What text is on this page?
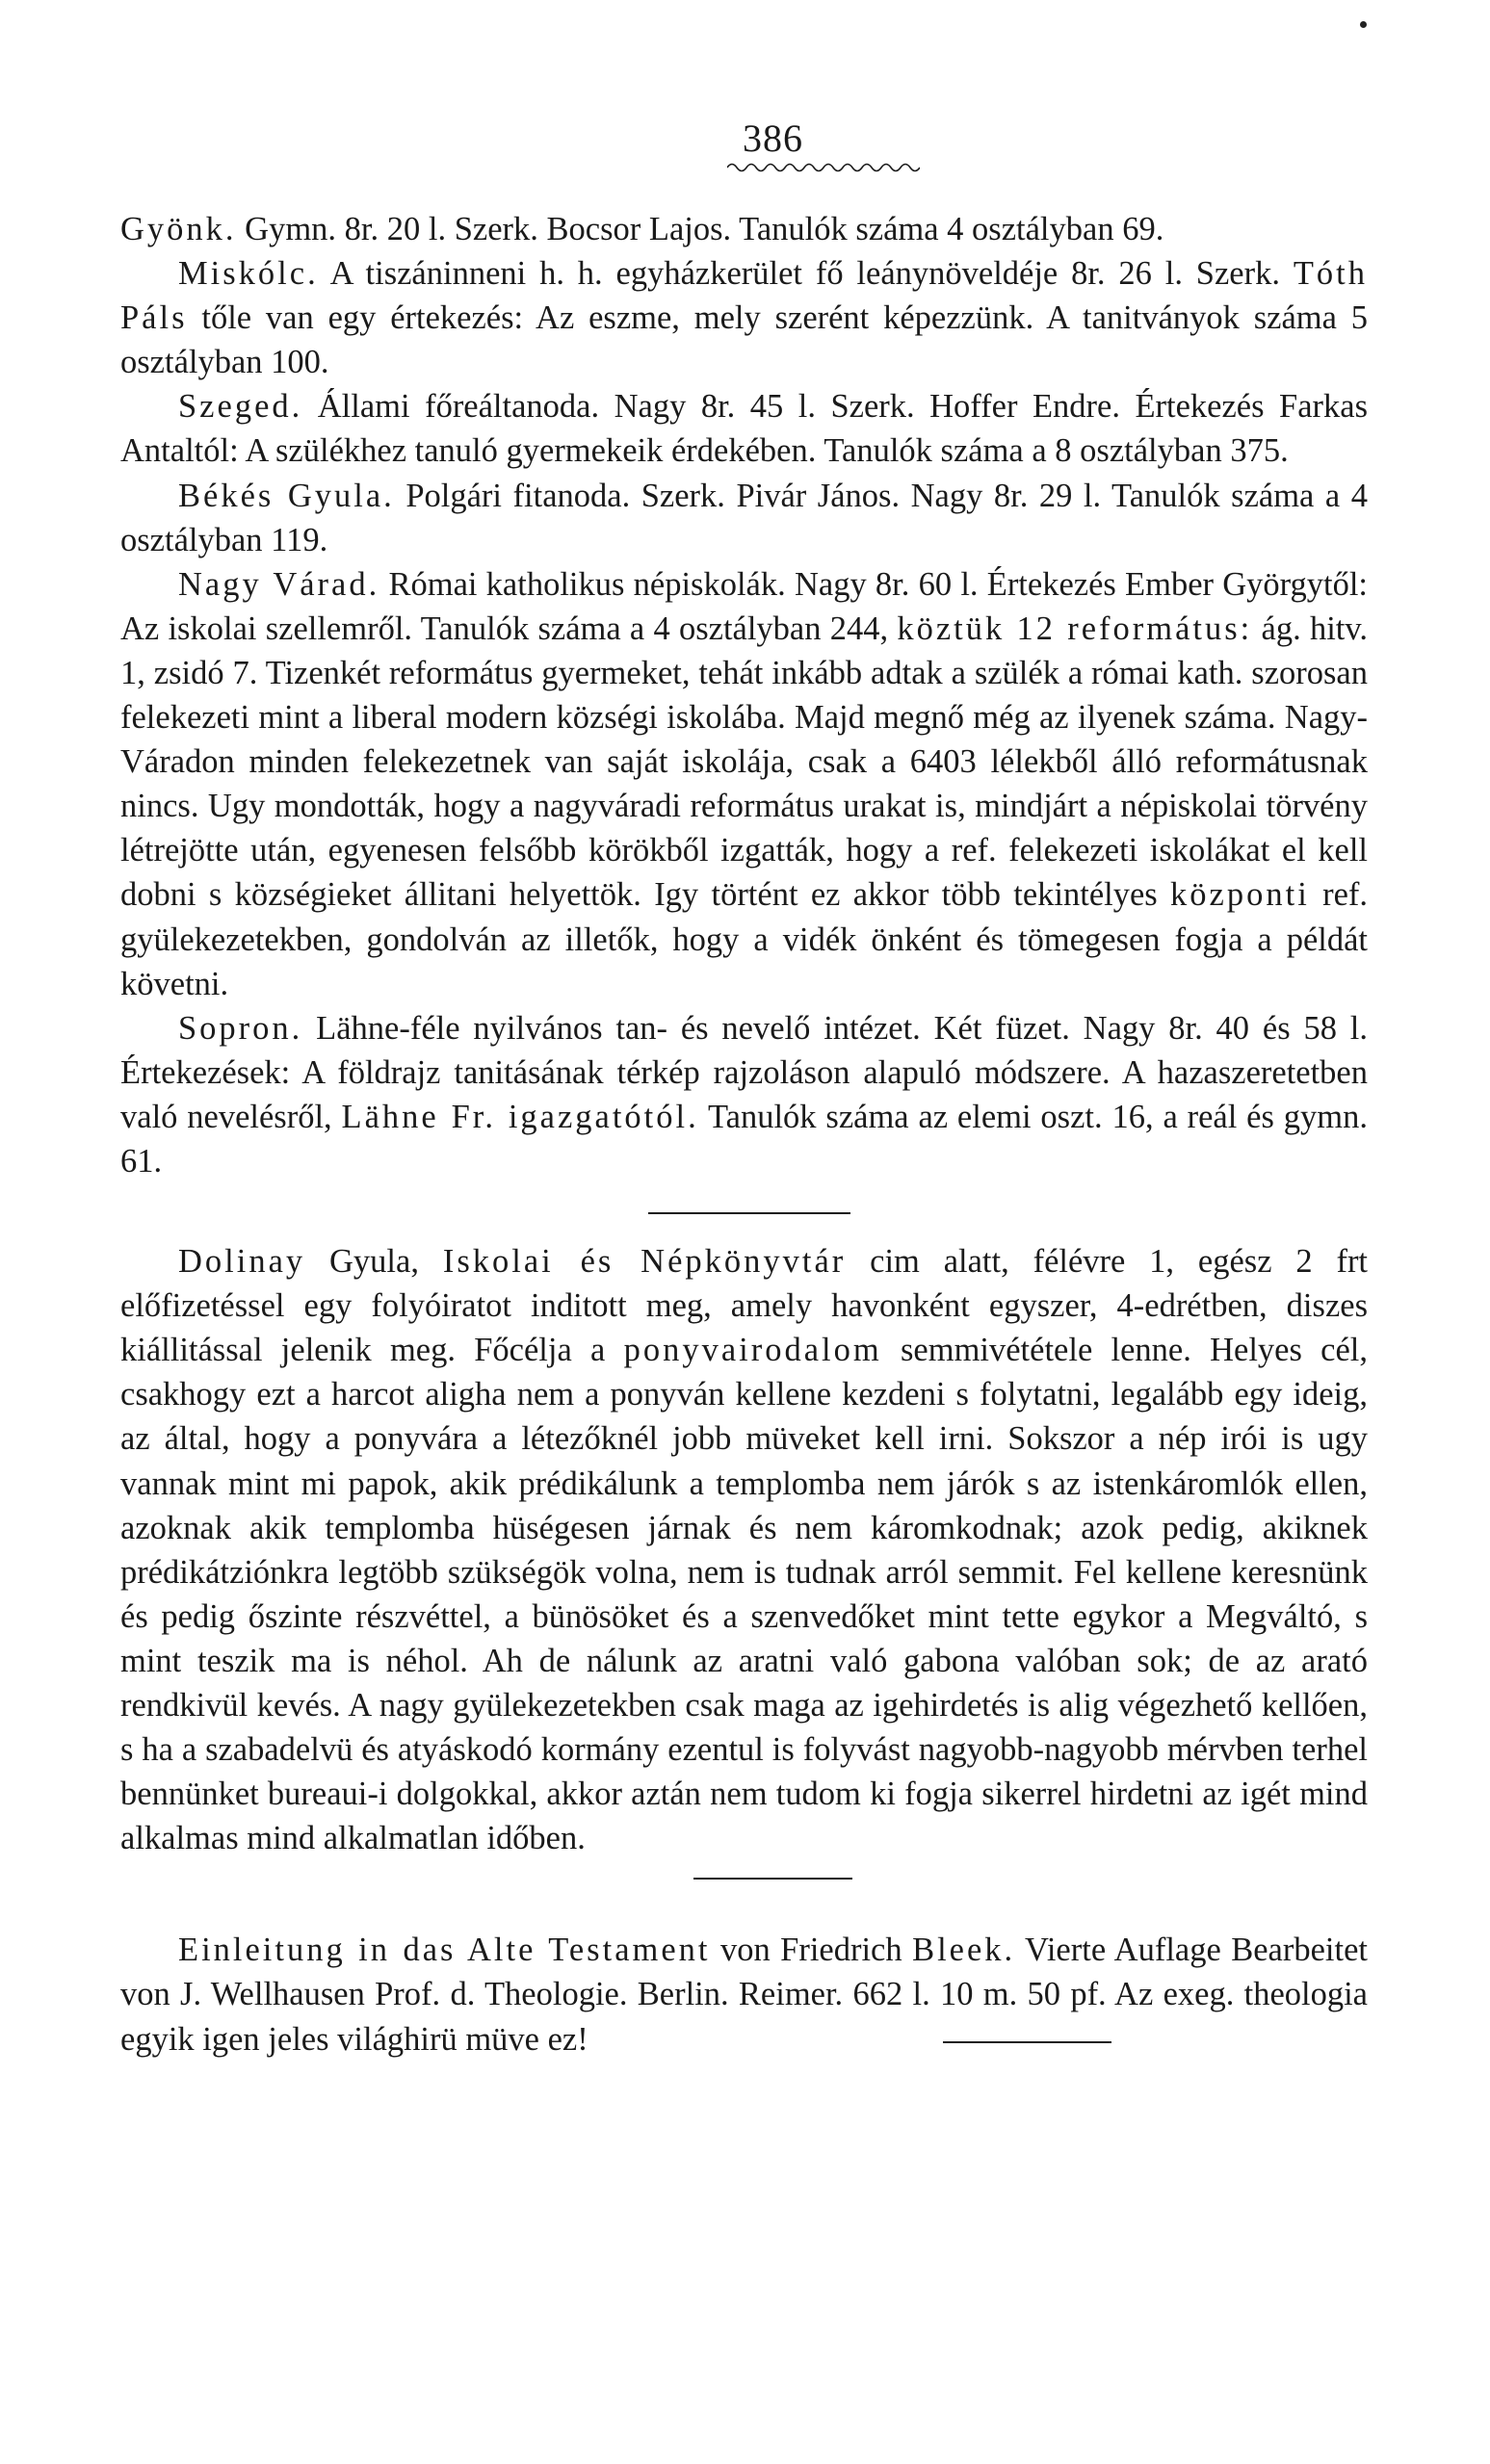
386

Gyönk. Gymn. 8r. 20 l. Szerk. Bocsor Lajos. Tanulók száma 4 osztályban 69.

Miskólc. A tiszáninneni h. h. egyházkerület fő leánynöveldéje 8r. 26 l. Szerk. Tóth Páls tőle van egy értekezés: Az eszme, mely szerént képezzünk. A tanitványok száma 5 osztályban 100.

Szeged. Állami főreáltanoda. Nagy 8r. 45 l. Szerk. Hoffer Endre. Értekezés Farkas Antaltól: A szülékhez tanuló gyermekeik érdekében. Tanulók száma a 8 osztályban 375.

Békés Gyula. Polgári fitanoda. Szerk. Pivár János. Nagy 8r. 29 l. Tanulók száma a 4 osztályban 119.

Nagy Várad. Római katholikus népiskolák. Nagy 8r. 60 l. Értekezés Ember Györgytől: Az iskolai szellemről. Tanulók száma a 4 osztályban 244, köztük 12 református: ág. hitv. 1, zsidó 7. Tizenkét református gyermeket, tehát inkább adtak a szülék a római kath. szorosan felekezeti mint a liberal modern községi iskolába. Majd megnő még az ilyenek száma. Nagy-Váradon minden felekezetnek van saját iskolája, csak a 6403 lélekből álló reformátusnak nincs. Ugy mondották, hogy a nagyváradi református urakat is, mindjárt a népiskolai törvény létrejötte után, egyenesen felsőbb körökből izgatták, hogy a ref. felekezeti iskolákat el kell dobni s községieket állitani helyettök. Igy történt ez akkor több tekintélyes központi ref. gyülekezetekben, gondolván az illetők, hogy a vidék önként és tömegesen fogja a példát követni.

Sopron. Lähne-féle nyilvános tan- és nevelő intézet. Két füzet. Nagy 8r. 40 és 58 l. Értekezések: A földrajz tanitásának térkép rajzoláson alapuló módszere. A hazaszeretetben való nevelésről, Lähne Fr. igazgatótól. Tanulók száma az elemi oszt. 16, a reál és gymn. 61.

Dolinay Gyula, Iskolai és Népkönyvtár cim alatt, félévre 1, egész 2 frt előfizetéssel egy folyóiratot inditott meg, amely havonként egyszer, 4-edrétben, diszes kiállitással jelenik meg. Főcélja a ponyvairodalom semmivététele lenne. Helyes cél, csakhogy ezt a harcot aligha nem a ponyván kellene kezdeni s folytatni, legalább egy ideig, az által, hogy a ponyvára a létezőknél jobb müveket kell irni. Sokszor a nép irói is ugy vannak mint mi papok, akik prédikálunk a templomba nem járók s az istenkáromlók ellen, azoknak akik templomba hüségesen járnak és nem káromkodnak; azok pedig, akiknek prédikátziónkra legtöbb szükségök volna, nem is tudnak arról semmit. Fel kellene keresnünk és pedig őszinte részvéttel, a bünösöket és a szenvedőket mint tette egykor a Megváltó, s mint teszik ma is néhol. Ah de nálunk az aratni való gabona valóban sok; de az arató rendkivül kevés. A nagy gyülekezetekben csak maga az igehirdetés is alig végezhető kellően, s ha a szabadelvü és atyáskodó kormány ezentul is folyvást nagyobb-nagyobb mérvben terhel bennünket bureaui-i dolgokkal, akkor aztán nem tudom ki fogja sikerrel hirdetni az igét mind alkalmas mind alkalmatlan időben.

Einleitung in das Alte Testament von Friedrich Bleek. Vierte Auflage Bearbeitet von J. Wellhausen Prof. d. Theologie. Berlin. Reimer. 662 l. 10 m. 50 pf. Az exeg. theologia egyik igen jeles világhirü müve ez!
